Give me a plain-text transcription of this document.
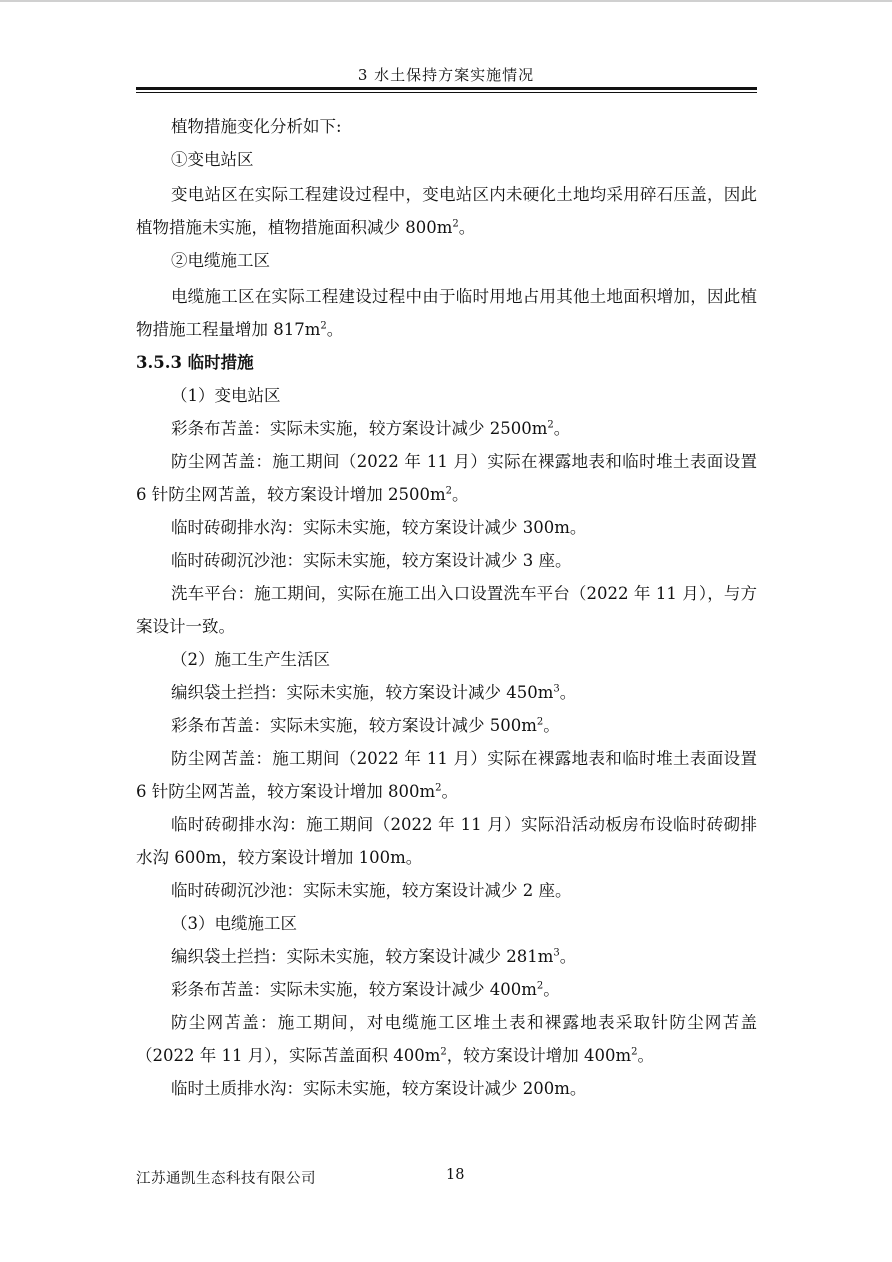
3 水土保持方案实施情况

植物措施变化分析如下:

①变电站区

变电站区在实际工程建设过程中，变电站区内未硬化土地均采用碎石压盖，因此植物措施未实施，植物措施面积减少 $800m^2$。

②电缆施工区

电缆施工区在实际工程建设过程中由于临时用地占用其他土地面积增加，因此植物措施工程量增加 $817m^2$。

3.5.3 临时措施

（1）变电站区

彩条布苫盖：实际未实施，较方案设计减少 $2500m^2$。

防尘网苫盖：施工期间（2022 年 11 月）实际在裸露地表和临时堆土表面设置 6 针防尘网苫盖，较方案设计增加 $2500m^2$。

临时砖砌排水沟：实际未实施，较方案设计减少 300m。

临时砖砌沉沙池：实际未实施，较方案设计减少 3 座。

洗车平台：施工期间，实际在施工出入口设置洗车平台（2022 年 11 月），与方案设计一致。

（2）施工生产生活区

编织袋土拦挡：实际未实施，较方案设计减少 $450m^3$。

彩条布苫盖：实际未实施，较方案设计减少 $500m^2$。

防尘网苫盖：施工期间（2022 年 11 月）实际在裸露地表和临时堆土表面设置 6 针防尘网苫盖，较方案设计增加 $800m^2$。

临时砖砌排水沟：施工期间（2022 年 11 月）实际沿活动板房布设临时砖砌排水沟 600m，较方案设计增加 100m。

临时砖砌沉沙池：实际未实施，较方案设计减少 2 座。

（3）电缆施工区

编织袋土拦挡：实际未实施，较方案设计减少 $281m^3$。

彩条布苫盖：实际未实施，较方案设计减少 $400m^2$。

防尘网苫盖：施工期间，对电缆施工区堆土表和裸露地表采取针防尘网苫盖（2022 年 11 月），实际苫盖面积 $400m^2$，较方案设计增加 $400m^2$。

临时土质排水沟：实际未实施，较方案设计减少 200m。

江苏通凯生态科技有限公司	18
